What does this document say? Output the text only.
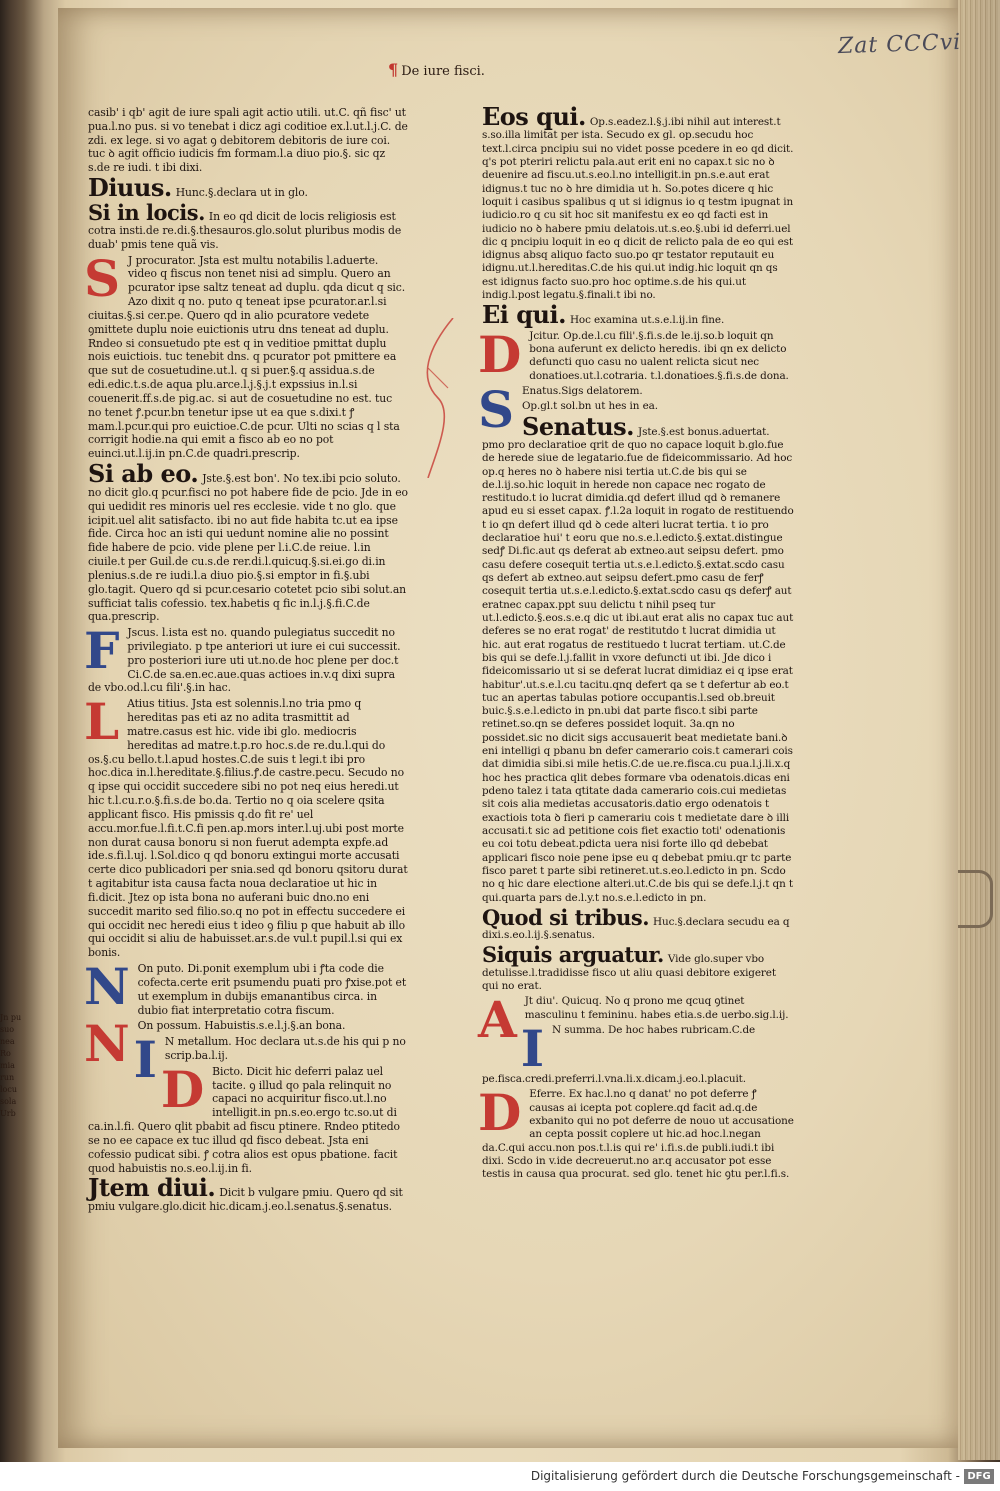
Zat CCCvi
¶ De iure fisci.
Jn pu
suo
nea
Ro
mia
run
locu
sola
Urb
casib' i qb' agit de iure spali agit actio utili. ut.C. qñ fisc' ut pua.l.no pus. si vo tenebat i dicz agi coditioe ex.l.ut.l.j.C. de zdi. ex lege. si vo agat ꝯ debitorem debitoris de iure coi. tuc ꝺ agit officio iudicis fm formam.l.a diuo pio.§. sic qz s.de re iudi. t ibi dixi.
Diuus. Hunc.§.declara ut in glo.
Si in locis. In eo qd dicit de locis religiosis est cotra insti.de re.di.§.thesauros.glo.solut pluribus modis de duab' pmis tene quã vis.
S J procurator. Jsta est multu notabilis l.aduerte. video q fiscus non tenet nisi ad simplu. Quero an pcurator ipse saltz teneat ad duplu. qda dicut q sic. Azo dixit q no. puto q teneat ipse pcurator.ar.l.si ciuitas.§.si cer.pe. Quero qd in alio pcuratore vedete ꝯmittete duplu noie euictionis utru dns teneat ad duplu. Rndeo si consuetudo pte est q in veditioe pmittat duplu nois euictiois. tuc tenebit dns. q pcurator pot pmittere ea que sut de cosuetudine.ut.l. q si puer.§.q assidua.s.de edi.edic.t.s.de aqua plu.arce.l.j.§.j.t expssius in.l.si couenerit.ff.s.de pig.ac. si aut de cosuetudine no est. tuc no tenet ꝭ.pcur.bn tenetur ipse ut ea que s.dixi.t ꝭ mam.l.pcur.qui pro euictioe.C.de pcur. Ulti no scias q l sta corrigit hodie.na qui emit a fisco ab eo no pot euinci.ut.l.ij.in pn.C.de quadri.prescrip.
Si ab eo. Jste.§.est bon'. No tex.ibi pcio soluto. no dicit glo.q pcur.fisci no pot habere fide de pcio. Jde in eo qui uedidit res minoris uel res ecclesie. vide t no glo. que icipit.uel alit satisfacto. ibi no aut fide habita tc.ut ea ipse fide. Circa hoc an isti qui uedunt nomine alie no possint fide habere de pcio. vide plene per l.i.C.de reiue. l.in ciuile.t per Guil.de cu.s.de rer.di.l.quicuq.§.si.ei.go di.in plenius.s.de re iudi.l.a diuo pio.§.si emptor in fi.§.ubi glo.tagit. Quero qd si pcur.cesario cotetet pcio sibi solut.an sufficiat talis cofessio. tex.habetis q fic in.l.j.§.fi.C.de qua.prescrip.
F Jscus. l.ista est no. quando pulegiatus succedit no privilegiato. p tpe anteriori ut iure ei cui successit. pro posteriori iure uti ut.no.de hoc plene per doc.t Ci.C.de sa.en.ec.aue.quas actioes in.v.q dixi supra de vbo.od.l.cu fili'.§.in hac.
L Atius titius. Jsta est solennis.l.no tria pmo q hereditas pas eti az no adita trasmittit ad matre.casus est hic. vide ibi glo. mediocris hereditas ad matre.t.p.ro hoc.s.de re.du.l.qui do os.§.cu bello.t.l.apud hostes.C.de suis t legi.t ibi pro hoc.dica in.l.hereditate.§.filius.ꝭ.de castre.pecu. Secudo no q ipse qui occidit succedere sibi no pot neq eius heredi.ut hic t.l.cu.r.o.§.fi.s.de bo.da. Tertio no q oia scelere qsita applicant fisco. His pmissis q.do fit re' uel accu.mor.fue.l.fi.t.C.fi pen.ap.mors inter.l.uj.ubi post morte non durat causa bonoru si non fuerut adempta expfe.ad ide.s.fi.l.uj. l.Sol.dico q qd bonoru extingui morte accusati certe dico publicadori per snia.sed qd bonoru qsitoru durat t agitabitur ista causa facta noua declaratioe ut hic in fi.dicit. Jtez op ista bona no auferani buic dno.no eni succedit marito sed filio.so.q no pot in effectu succedere ei qui occidit nec heredi eius t ideo ꝯ filiu p que habuit ab illo qui occidit si aliu de habuisset.ar.s.de vul.t pupil.l.si qui ex bonis.
N On puto. Di.ponit exemplum ubi i ꝭta code die cofecta.certe erit psumendu puati pro ꝭxise.pot et ut exemplum in dubijs emanantibus circa. in dubio fiat interpretatio cotra fiscum.
N On possum. Habuistis.s.e.l.j.§.an bona.
I N metallum. Hoc declara ut.s.de his qui p no scrip.ba.l.ij.
D Bicto. Dicit hic deferri palaz uel tacite. ꝯ illud qo pala relinquit no capaci no acquiritur fisco.ut.l.no intelligit.in pn.s.eo.ergo tc.so.ut di ca.in.l.fi. Quero qlit pbabit ad fiscu ptinere. Rndeo ptitedo se no ee capace ex tuc illud qd fisco debeat. Jsta eni cofessio pudicat sibi. ꝭ cotra alios est opus pbatione. facit quod habuistis no.s.eo.l.ij.in fi.
Jtem diui. Dicit b vulgare pmiu. Quero qd sit pmiu vulgare.glo.dicit hic.dicam.j.eo.l.senatus.§.senatus.
Eos qui. Op.s.eadez.l.§.j.ibi nihil aut interest.t s.so.illa limitat per ista. Secudo ex gl. op.secudu hoc text.l.circa pncipiu sui no videt posse pcedere in eo qd dicit. q's pot pteriri relictu pala.aut erit eni no capax.t sic no ꝺ deuenire ad fiscu.ut.s.eo.l.no intelligit.in pn.s.e.aut erat idignus.t tuc no ꝺ hre dimidia ut h. So.potes dicere q hic loquit i casibus spalibus q ut si idignus io q testm ipugnat in iudicio.ro q cu sit hoc sit manifestu ex eo qd facti est in iudicio no ꝺ habere pmiu delatois.ut.s.eo.§.ubi id deferri.uel dic q pncipiu loquit in eo q dicit de relicto pala de eo qui est idignus absq aliquo facto suo.po qr testator reputauit eu idignu.ut.l.hereditas.C.de his qui.ut indig.hic loquit qn qs est idignus facto suo.pro hoc optime.s.de his qui.ut indig.l.post legatu.§.finali.t ibi no.
Ei qui. Hoc examina ut.s.e.l.ij.in fine.
D Jcitur. Op.de.l.cu fili'.§.fi.s.de le.ij.so.b loquit qn bona auferunt ex delicto heredis. ibi qn ex delicto defuncti quo casu no ualent relicta sicut nec donatioes.ut.l.cotraria. t.l.donatioes.§.fi.s.de dona.
S Enatus.Sigs delatorem.
Op.gl.t sol.bn ut hes in ea.
Senatus. Jste.§.est bonus.aduertat. pmo pro declaratioe qrit de quo no capace loquit b.glo.fue de herede siue de legatario.fue de fideicommissario. Ad hoc op.q heres no ꝺ habere nisi tertia ut.C.de bis qui se de.l.ij.so.hic loquit in herede non capace nec rogato de restitudo.t io lucrat dimidia.qd defert illud qd ꝺ remanere apud eu si esset capax. ꝭ.l.2a loquit in rogato de restituendo t io qn defert illud qd ꝺ cede alteri lucrat tertia. t io pro declaratioe hui' t eoru que no.s.e.l.edicto.§.extat.distingue sedꝭ Di.fic.aut qs deferat ab extneo.aut seipsu defert. pmo casu defere cosequit tertia ut.s.e.l.edicto.§.extat.scdo casu qs defert ab extneo.aut seipsu defert.pmo casu de ferꝭ cosequit tertia ut.s.e.l.edicto.§.extat.scdo casu qs deferꝭ aut eratnec capax.ppt suu delictu t nihil pseq tur ut.l.edicto.§.eos.s.e.q dic ut ibi.aut erat alis no capax tuc aut deferes se no erat rogat' de restitutdo t lucrat dimidia ut hic. aut erat rogatus de restituedo t lucrat tertiam. ut.C.de bis qui se defe.l.j.fallit in vxore defuncti ut ibi. Jde dico i fideicomissario ut si se deferat lucrat dimidiaz ei q ipse erat habitur'.ut.s.e.l.cu tacitu.qnq defert qa se t defertur ab eo.t tuc an apertas tabulas potiore occupantis.l.sed ob.breuit buic.§.s.e.l.edicto in pn.ubi dat parte fisco.t sibi parte retinet.so.qn se deferes possidet loquit. 3a.qn no possidet.sic no dicit sigs accusauerit beat medietate bani.ꝺ eni intelligi q pbanu bn defer camerario cois.t camerari cois dat dimidia sibi.si mile hetis.C.de ue.re.fisca.cu pua.l.j.li.x.q hoc hes practica qlit debes formare vba odenatois.dicas eni pdeno talez i tata qtitate dada camerario cois.cui medietas sit cois alia medietas accusatoris.datio ergo odenatois t exactiois tota ꝺ fieri p camerariu cois t medietate dare ꝺ illi accusati.t sic ad petitione cois fiet exactio toti' odenationis eu coi totu debeat.pdicta uera nisi forte illo qd debebat applicari fisco noie pene ipse eu q debebat pmiu.qr tc parte fisco paret t parte sibi retineret.ut.s.eo.l.edicto in pn. Scdo no q hic dare electione alteri.ut.C.de bis qui se defe.l.j.t qn t qui.quarta pars de.l.y.t no.s.e.l.edicto in pn.
Quod si tribus. Huc.§.declara secudu ea q dixi.s.eo.l.ij.§.senatus.
Siquis arguatur. Vide glo.super vbo detulisse.l.tradidisse fisco ut aliu quasi debitore exigeret qui no erat.
A Jt diu'. Quicuq. No q prono me qcuq ꝯtinet masculinu t femininu. habes etia.s.de uerbo.sig.l.ij.
I N summa. De hoc habes rubricam.C.de pe.fisca.credi.preferri.l.vna.li.x.dicam.j.eo.l.placuit.
D Eferre. Ex hac.l.no q danat' no pot deferre ꝭ causas ai icepta pot coplere.qd facit ad.q.de exbanito qui no pot deferre de nouo ut accusatione an cepta possit coplere ut hic.ad hoc.l.negan da.C.qui accu.non pos.t.l.is qui re' i.fi.s.de publi.iudi.t ibi dixi. Scdo in v.ide decreuerut.no ar.q accusator pot esse testis in causa qua procurat. sed glo. tenet hic ꝯtu per.l.fi.s.
Digitalisierung gefördert durch die Deutsche Forschungsgemeinschaft - DFG
